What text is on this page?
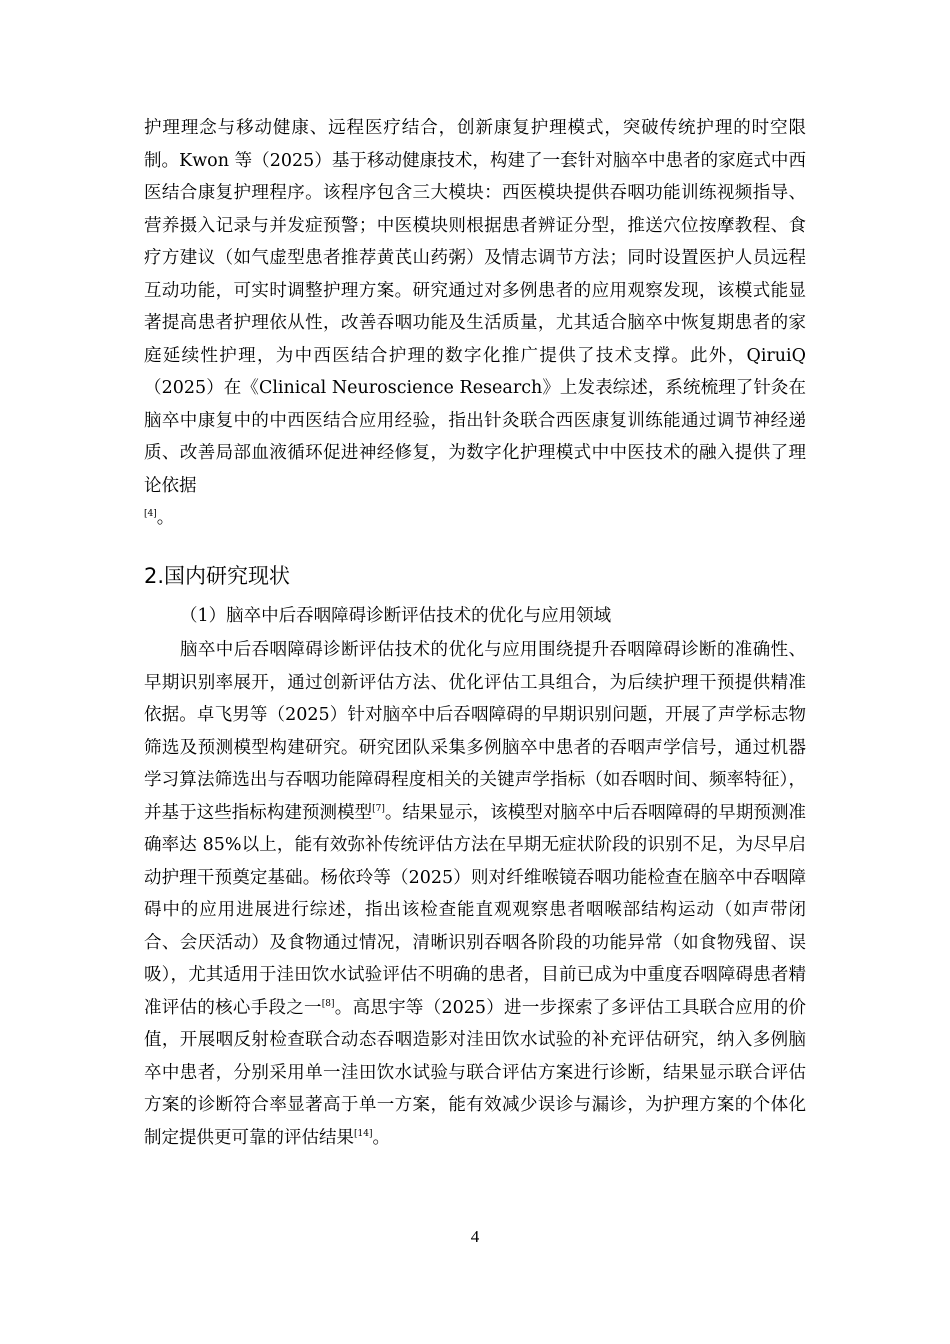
护理理念与移动健康、远程医疗结合，创新康复护理模式，突破传统护理的时空限制。Kwon 等（2025）基于移动健康技术，构建了一套针对脑卒中患者的家庭式中西医结合康复护理程序。该程序包含三大模块：西医模块提供吞咽功能训练视频指导、营养摄入记录与并发症预警；中医模块则根据患者辨证分型，推送穴位按摩教程、食疗方建议（如气虚型患者推荐黄芪山药粥）及情志调节方法；同时设置医护人员远程互动功能，可实时调整护理方案。研究通过对多例患者的应用观察发现，该模式能显著提高患者护理依从性，改善吞咽功能及生活质量，尤其适合脑卒中恢复期患者的家庭延续性护理，为中西医结合护理的数字化推广提供了技术支撑。此外，QiruiQ（2025）在《Clinical Neuroscience Research》上发表综述，系统梳理了针灸在脑卒中康复中的中西医结合应用经验，指出针灸联合西医康复训练能通过调节神经递质、改善局部血液循环促进神经修复，为数字化护理模式中中医技术的融入提供了理论依据
[4]。

2.国内研究现状

（1）脑卒中后吞咽障碍诊断评估技术的优化与应用领域

脑卒中后吞咽障碍诊断评估技术的优化与应用围绕提升吞咽障碍诊断的准确性、早期识别率展开，通过创新评估方法、优化评估工具组合，为后续护理干预提供精准依据。卓飞男等（2025）针对脑卒中后吞咽障碍的早期识别问题，开展了声学标志物筛选及预测模型构建研究。研究团队采集多例脑卒中患者的吞咽声学信号，通过机器学习算法筛选出与吞咽功能障碍程度相关的关键声学指标（如吞咽时间、频率特征），并基于这些指标构建预测模型[7]。结果显示，该模型对脑卒中后吞咽障碍的早期预测准确率达 85%以上，能有效弥补传统评估方法在早期无症状阶段的识别不足，为尽早启动护理干预奠定基础。杨依玲等（2025）则对纤维喉镜吞咽功能检查在脑卒中吞咽障碍中的应用进展进行综述，指出该检查能直观观察患者咽喉部结构运动（如声带闭合、会厌活动）及食物通过情况，清晰识别吞咽各阶段的功能异常（如食物残留、误吸），尤其适用于洼田饮水试验评估不明确的患者，目前已成为中重度吞咽障碍患者精准评估的核心手段之一[8]。高思宇等（2025）进一步探索了多评估工具联合应用的价值，开展咽反射检查联合动态吞咽造影对洼田饮水试验的补充评估研究，纳入多例脑卒中患者，分别采用单一洼田饮水试验与联合评估方案进行诊断，结果显示联合评估方案的诊断符合率显著高于单一方案，能有效减少误诊与漏诊，为护理方案的个体化制定提供更可靠的评估结果[14]。

4
